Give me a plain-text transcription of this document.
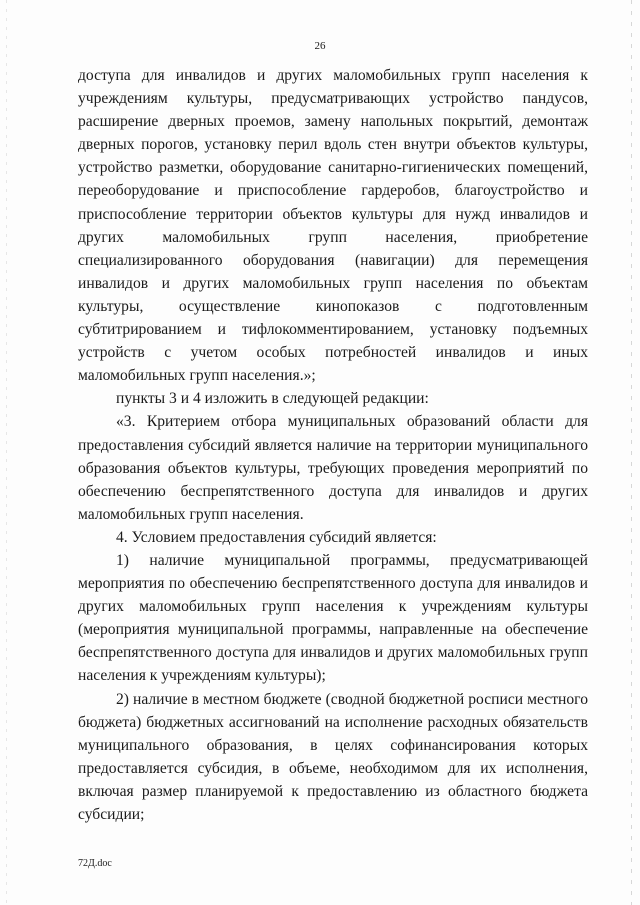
26

доступа для инвалидов и других маломобильных групп населения к учреждениям культуры, предусматривающих устройство пандусов, расширение дверных проемов, замену напольных покрытий, демонтаж дверных порогов, установку перил вдоль стен внутри объектов культуры, устройство разметки, оборудование санитарно-гигиенических помещений, переоборудование и приспособление гардеробов, благоустройство и приспособление территории объектов культуры для нужд инвалидов и других маломобильных групп населения, приобретение специализированного оборудования (навигации) для перемещения инвалидов и других маломобильных групп населения по объектам культуры, осуществление кинопоказов с подготовленным субтитрированием и тифлокомментированием, установку подъемных устройств с учетом особых потребностей инвалидов и иных маломобильных групп населения.»;

пункты 3 и 4 изложить в следующей редакции:

«3. Критерием отбора муниципальных образований области для предоставления субсидий является наличие на территории муниципального образования объектов культуры, требующих проведения мероприятий по обеспечению беспрепятственного доступа для инвалидов и других маломобильных групп населения.

4. Условием предоставления субсидий является:

1) наличие муниципальной программы, предусматривающей мероприятия по обеспечению беспрепятственного доступа для инвалидов и других маломобильных групп населения к учреждениям культуры (мероприятия муниципальной программы, направленные на обеспечение беспрепятственного доступа для инвалидов и других маломобильных групп населения к учреждениям культуры);

2) наличие в местном бюджете (сводной бюджетной росписи местного бюджета) бюджетных ассигнований на исполнение расходных обязательств муниципального образования, в целях софинансирования которых предоставляется субсидия, в объеме, необходимом для их исполнения, включая размер планируемой к предоставлению из областного бюджета субсидии;

72Д.doc
